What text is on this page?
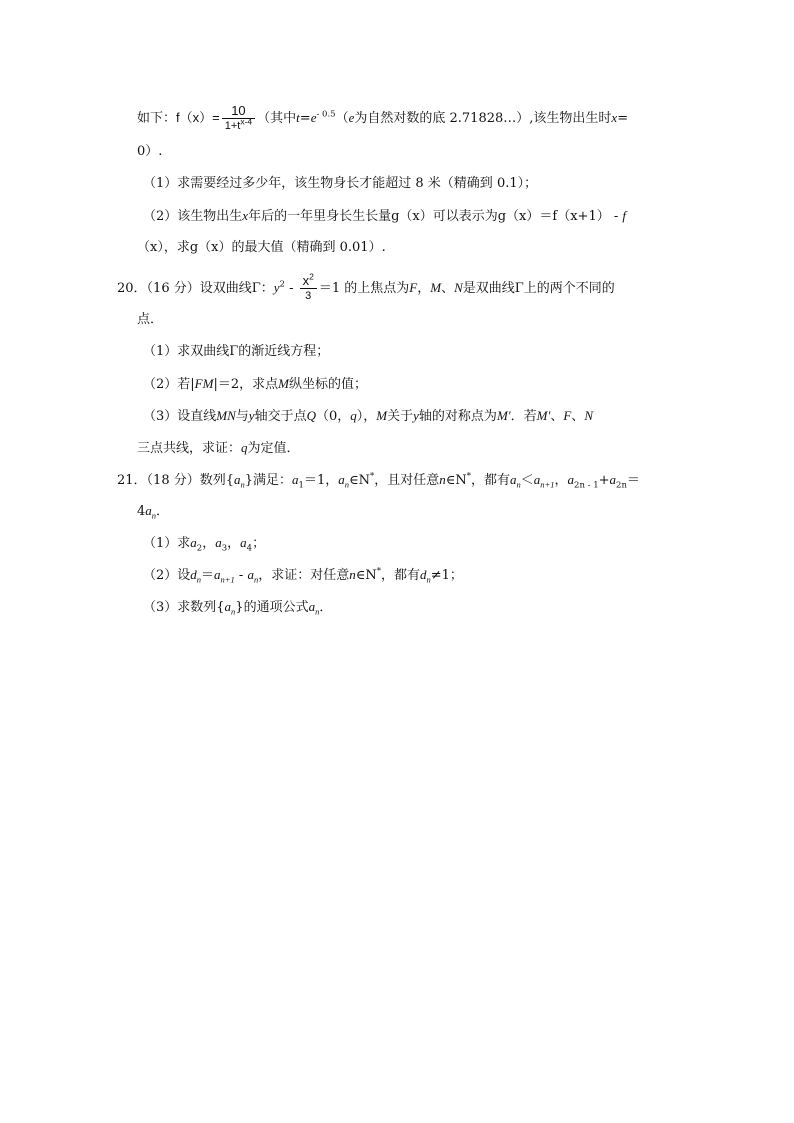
如下：$f(x)= \frac{10}{1+t^{x-4}}$ （其中$t=e^{- 0.5}(e$为自然对数的底 2.71828…）,该生物出生时x=
0）.
（1）求需要经过多少年，该生物身长才能超过 8 米（精确到 0.1）；
（2）该生物出生x年后的一年里身长生长量g（x）可以表示为g（x）＝f（x+1） - f
（x），求g（x）的最大值（精确到 0.01）.
20．（16 分）设双曲线Γ：$y^2 - \frac{x^2}{3} =1$ 的上焦点为F，M、N是双曲线Γ上的两个不同的
点．
（1）求双曲线Γ的渐近线方程；
（2）若|FM|＝2，求点M纵坐标的值；
（3）设直线MN与y轴交于点Q（0，q），M关于y轴的对称点为M′．若M′、F、N
三点共线，求证：q为定值．
21．（18 分）数列$\{a_n\}$满足：$a_1=1$，$a_n\in N^*$，且对任意n∈N*，都有$a_n<a_{n+1}$，$a_{2n - 1}+a_{2n}=$
$4a_n$．
（1）求$a_2$，$a_3$，$a_4$；
（2）设$d_n=a_{n+1} - a_n$，求证：对任意n∈N*，都有$d_n\ne 1$；
（3）求数列$\{a_n\}$的通项公式$a_n$．
